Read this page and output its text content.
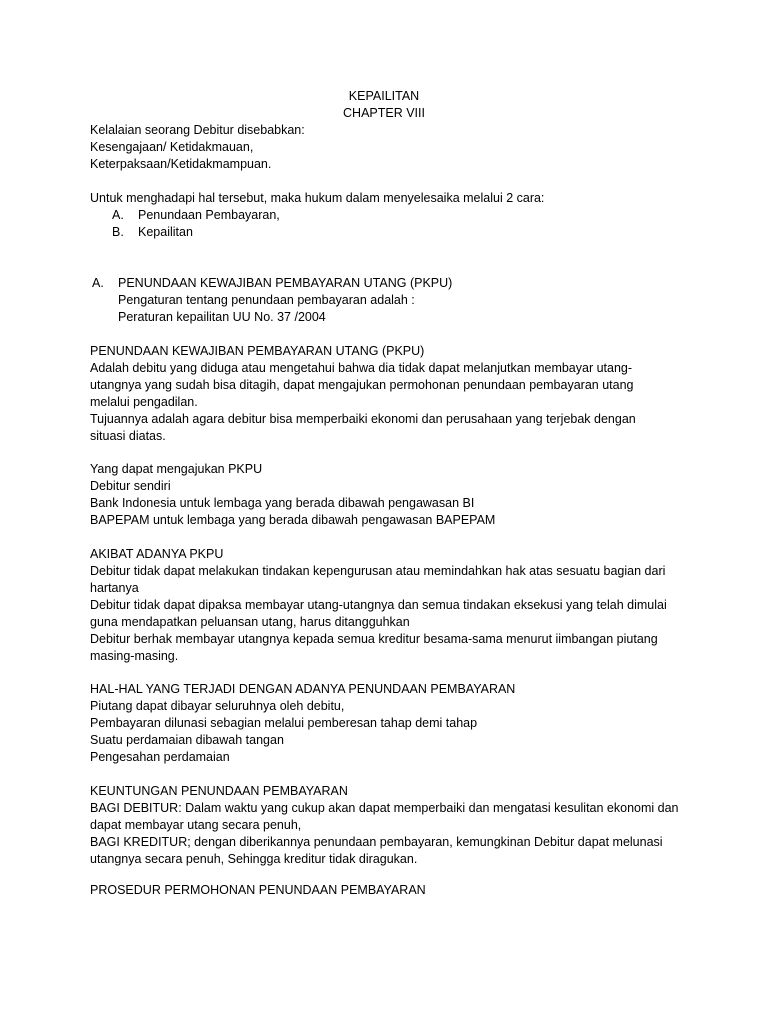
KEPAILITAN
CHAPTER VIII
Kelalaian seorang Debitur disebabkan:
Kesengajaan/ Ketidakmauan,
Keterpaksaan/Ketidakmampuan.
Untuk menghadapi hal tersebut, maka hukum dalam menyelesaika melalui 2 cara:
A.	Penundaan Pembayaran,
B.	Kepailitan
A.	PENUNDAAN KEWAJIBAN PEMBAYARAN UTANG (PKPU)
Pengaturan tentang penundaan pembayaran adalah :
Peraturan kepailitan UU No. 37 /2004
PENUNDAAN KEWAJIBAN PEMBAYARAN UTANG (PKPU)
Adalah debitu yang diduga atau mengetahui bahwa dia tidak dapat melanjutkan membayar utang-
utangnya yang sudah bisa ditagih, dapat mengajukan permohonan penundaan pembayaran utang
melalui pengadilan.
Tujuannya adalah agara debitur bisa memperbaiki ekonomi dan perusahaan yang terjebak dengan
situasi diatas.
Yang dapat mengajukan PKPU
Debitur sendiri
Bank Indonesia untuk lembaga yang berada dibawah pengawasan BI
BAPEPAM untuk lembaga yang berada dibawah pengawasan BAPEPAM
AKIBAT ADANYA PKPU
Debitur tidak dapat melakukan tindakan kepengurusan atau memindahkan hak atas sesuatu bagian dari
hartanya
Debitur tidak dapat dipaksa membayar utang-utangnya dan semua tindakan eksekusi yang telah dimulai
guna mendapatkan peluansan utang, harus ditangguhkan
Debitur berhak membayar utangnya kepada semua kreditur besama-sama menurut iimbangan piutang
masing-masing.
HAL-HAL YANG TERJADI DENGAN ADANYA PENUNDAAN PEMBAYARAN
Piutang dapat dibayar seluruhnya oleh debitu,
Pembayaran dilunasi sebagian melalui pemberesan tahap demi tahap
Suatu perdamaian dibawah tangan
Pengesahan perdamaian
KEUNTUNGAN PENUNDAAN PEMBAYARAN
BAGI DEBITUR: Dalam waktu yang cukup akan dapat memperbaiki dan mengatasi kesulitan ekonomi dan
dapat membayar utang secara penuh,
BAGI KREDITUR; dengan diberikannya penundaan pembayaran, kemungkinan Debitur dapat melunasi
utangnya secara penuh, Sehingga kreditur tidak diragukan.
PROSEDUR PERMOHONAN PENUNDAAN PEMBAYARAN
